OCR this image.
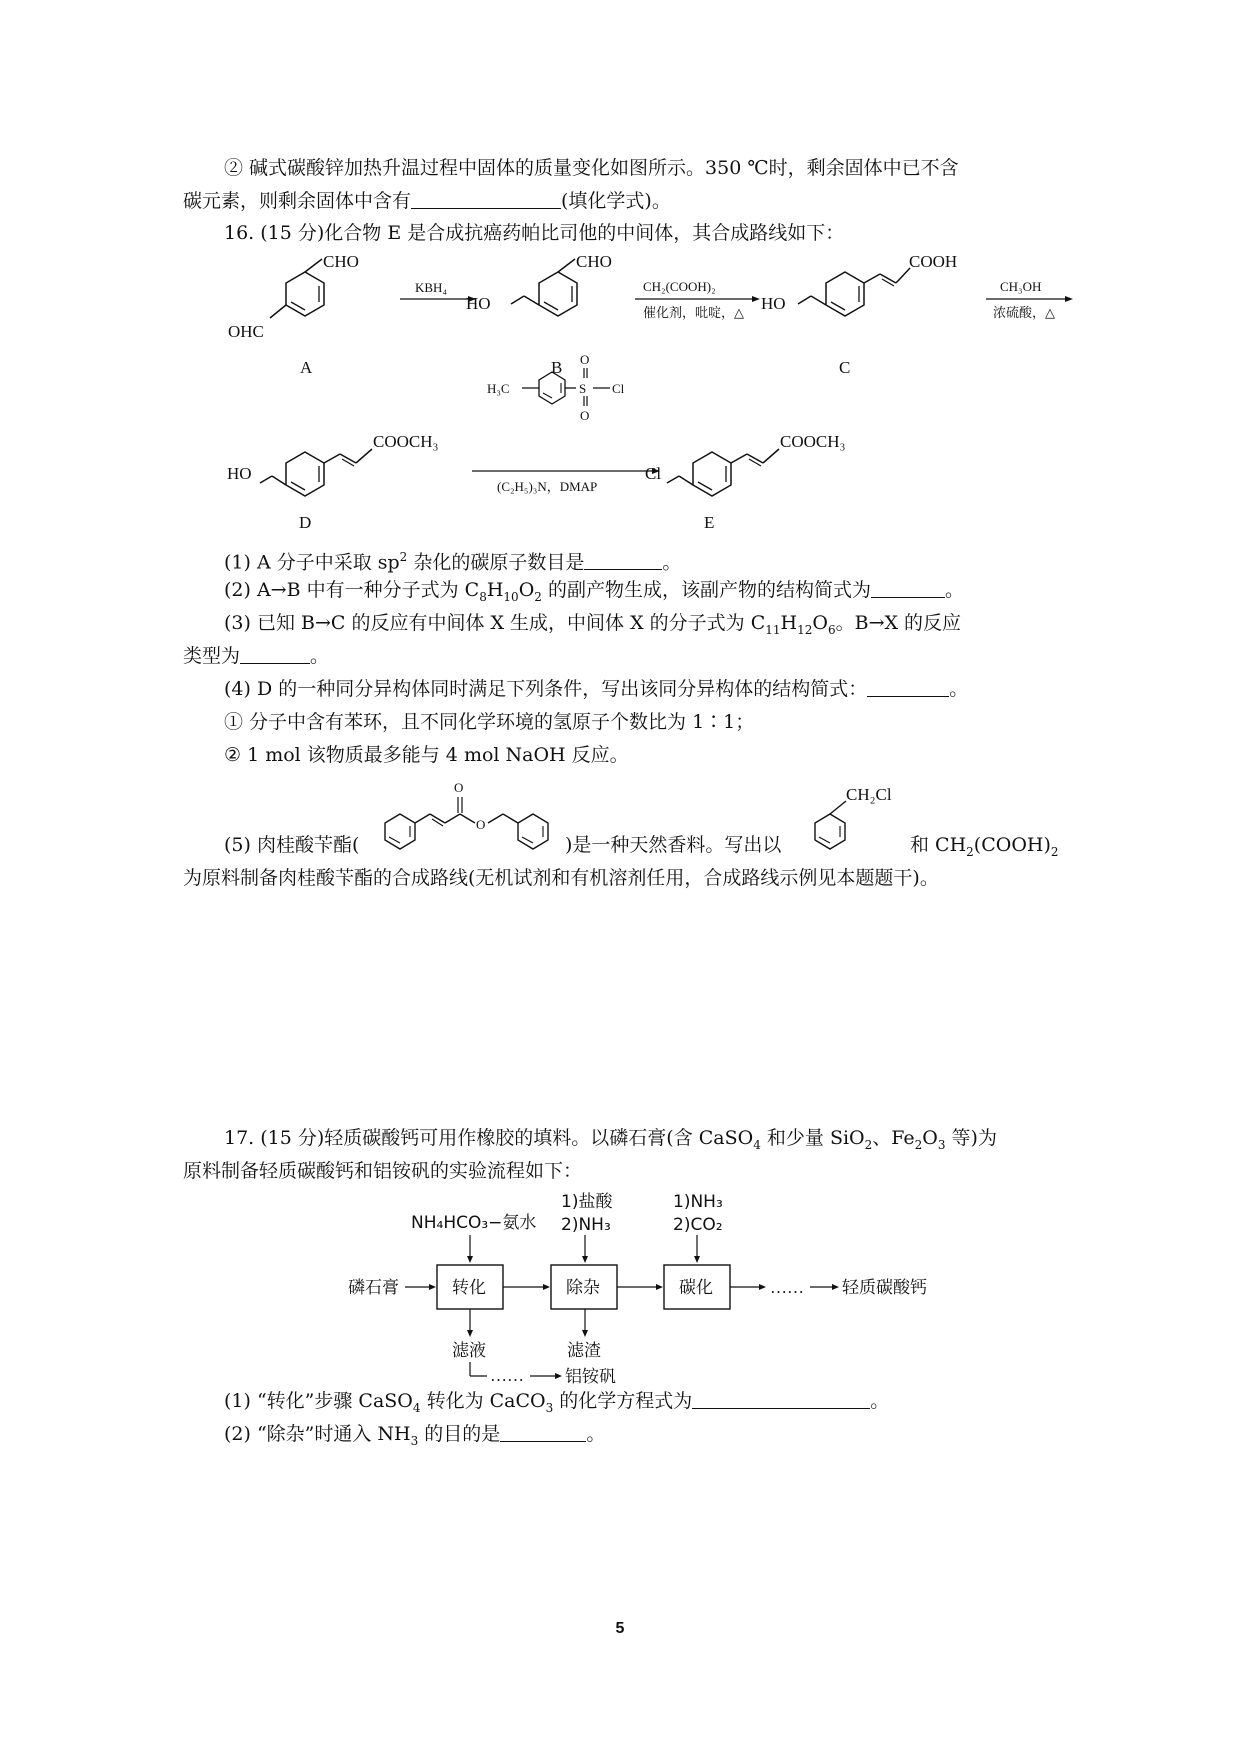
② 碱式碳酸锌加热升温过程中固体的质量变化如图所示。350 ℃时，剩余固体中已不含
碳元素，则剩余固体中含有	(填化学式)。
16. (15 分)化合物 E 是合成抗癌药帕比司他的中间体，其合成路线如下：
CHO
OHC
A
KBH₄
CHO
HO
B
CH₂(COOH)₂
催化剂，吡啶，△
COOH
HO
C
CH₃OH
浓硫酸，△
COOCH₃
HO
D
H₃C	S
O
O
Cl
(C₂H₅)₃N，DMAP
COOCH₃
Cl
E
(1) A 分子中采取 $sp^2$ 杂化的碳原子数目是	。
(2) A→B 中有一种分子式为 $C_8H_{10}O_2$ 的副产物生成，该副产物的结构简式为	。
(3) 已知 B→C 的反应有中间体 X 生成，中间体 X 的分子式为 $C_{11}H_{12}O_6$。B→X 的反应
类型为	。
(4) D 的一种同分异构体同时满足下列条件，写出该同分异构体的结构简式：	。
① 分子中含有苯环，且不同化学环境的氢原子个数比为 1∶1；
② 1 mol 该物质最多能与 4 mol NaOH 反应。
O
O
CH₂Cl
(5) 肉桂酸苄酯(	)是一种天然香料。写出以	和 $CH_2(COOH)_2$
为原料制备肉桂酸苄酯的合成路线(无机试剂和有机溶剂任用，合成路线示例见本题题干)。
17. (15 分)轻质碳酸钙可用作橡胶的填料。以磷石膏(含 CaSO$_4$ 和少量 SiO$_2$、$Fe_2O_3$ 等)为
原料制备轻质碳酸钙和铝铵矾的实验流程如下：
NH₄HCO₃−氨水
1)盐酸
2)NH₃
1)NH₃
2)CO₂
磷石膏	转化	除杂	碳化	…… 轻质碳酸钙
滤液	滤渣
…… 铝铵矾
(1) “转化”步骤 CaSO$_4$ 转化为 CaCO$_3$ 的化学方程式为	。
(2) “除杂”时通入 $NH_3$ 的目的是	。
5
